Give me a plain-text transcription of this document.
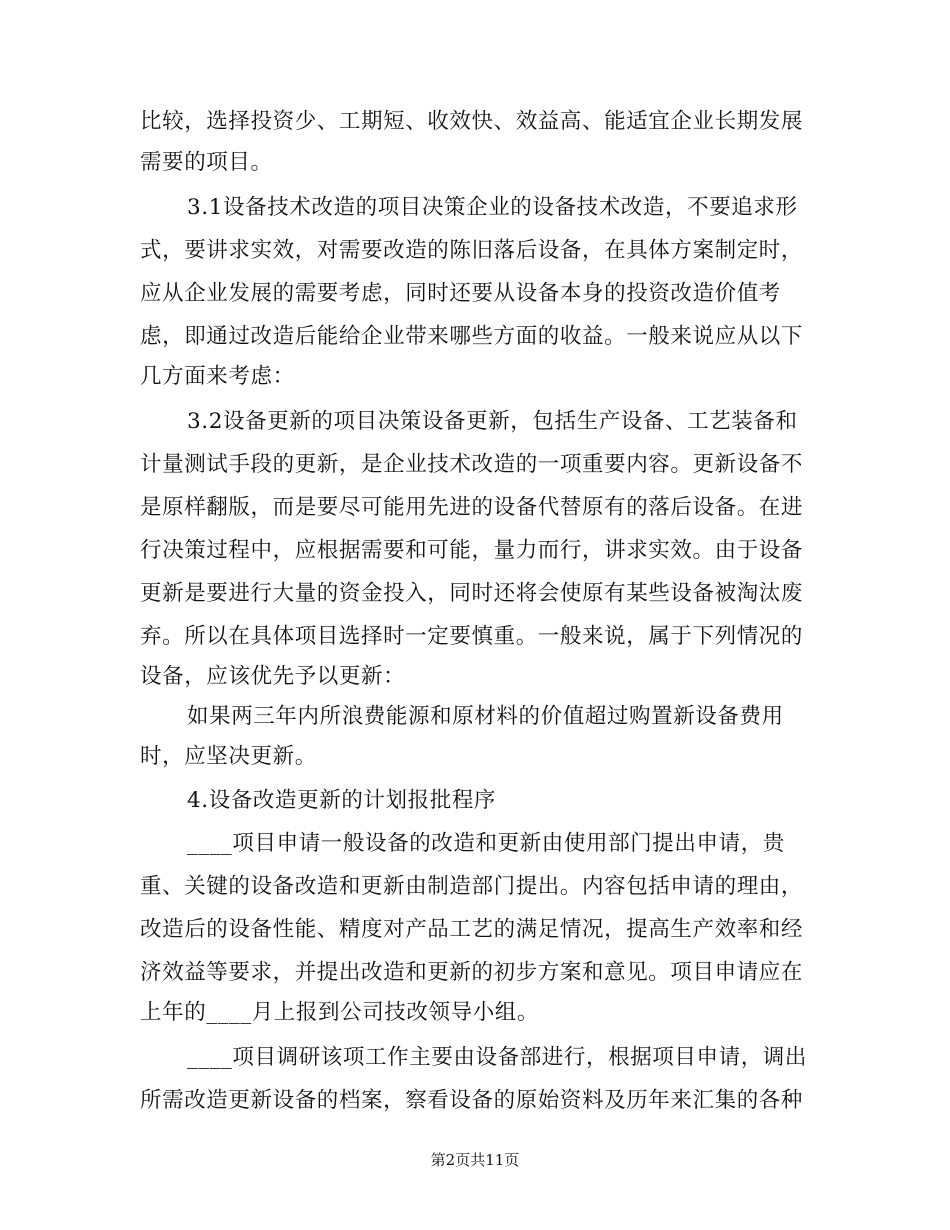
比较，选择投资少、工期短、收效快、效益高、能适宜企业长期发展
需要的项目。
3.1设备技术改造的项目决策企业的设备技术改造，不要追求形
式，要讲求实效，对需要改造的陈旧落后设备，在具体方案制定时，
应从企业发展的需要考虑，同时还要从设备本身的投资改造价值考
虑，即通过改造后能给企业带来哪些方面的收益。一般来说应从以下
几方面来考虑：
3.2设备更新的项目决策设备更新，包括生产设备、工艺装备和
计量测试手段的更新，是企业技术改造的一项重要内容。更新设备不
是原样翻版，而是要尽可能用先进的设备代替原有的落后设备。在进
行决策过程中，应根据需要和可能，量力而行，讲求实效。由于设备
更新是要进行大量的资金投入，同时还将会使原有某些设备被淘汰废
弃。所以在具体项目选择时一定要慎重。一般来说，属于下列情况的
设备，应该优先予以更新：
如果两三年内所浪费能源和原材料的价值超过购置新设备费用
时，应坚决更新。
4.设备改造更新的计划报批程序
____项目申请一般设备的改造和更新由使用部门提出申请，贵
重、关键的设备改造和更新由制造部门提出。内容包括申请的理由，
改造后的设备性能、精度对产品工艺的满足情况，提高生产效率和经
济效益等要求，并提出改造和更新的初步方案和意见。项目申请应在
上年的____月上报到公司技改领导小组。
____项目调研该项工作主要由设备部进行，根据项目申请，调出
所需改造更新设备的档案，察看设备的原始资料及历年来汇集的各种
第2页共11页
